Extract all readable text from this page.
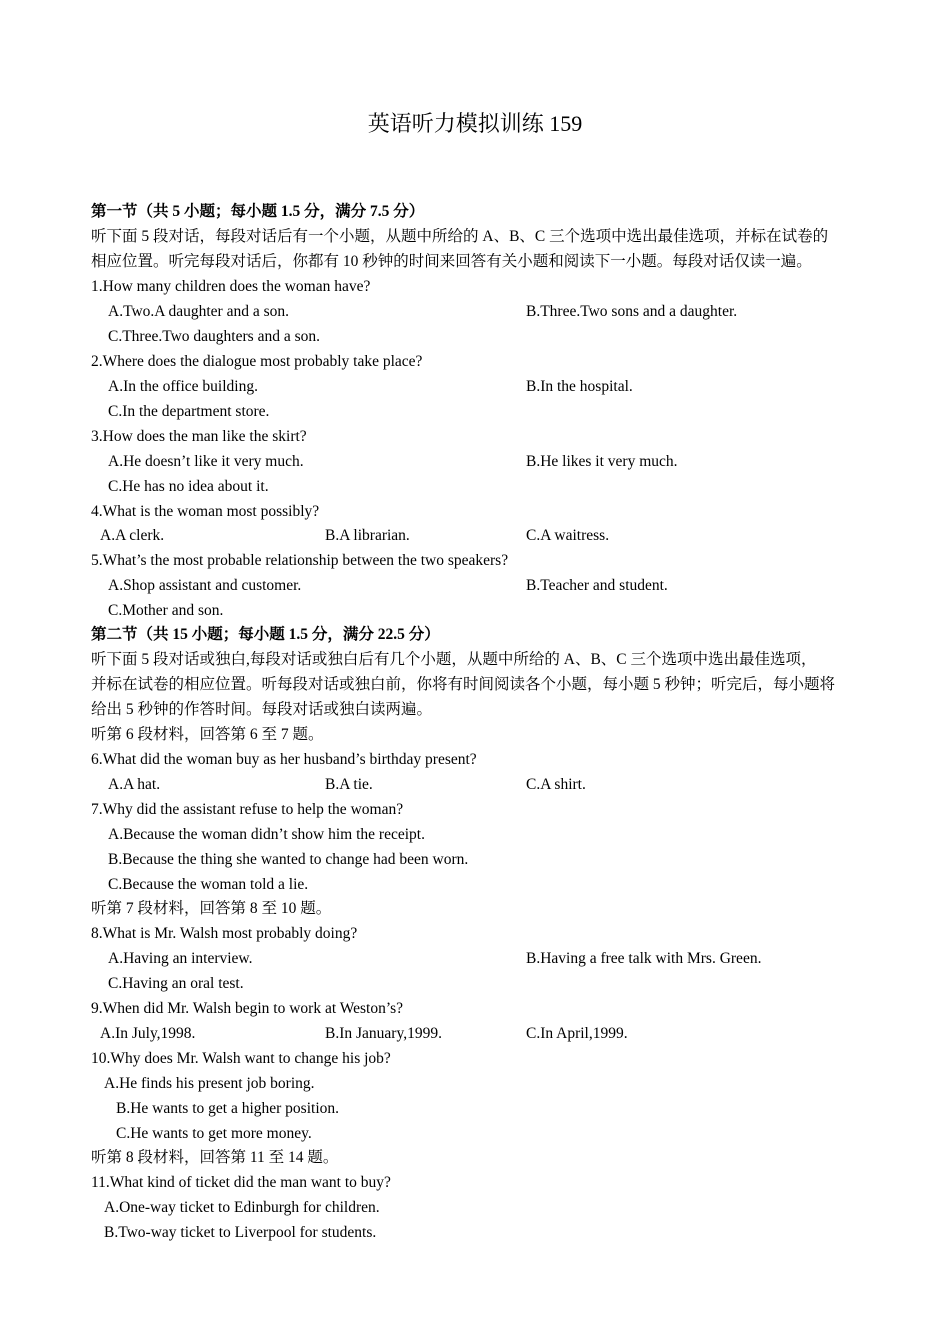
英语听力模拟训练 159
第一节（共 5 小题；每小题 1.5 分，满分 7.5 分）
听下面 5 段对话，每段对话后有一个小题，从题中所给的 A、B、C 三个选项中选出最佳选项，并标在试卷的
相应位置。听完每段对话后，你都有 10 秒钟的时间来回答有关小题和阅读下一小题。每段对话仅读一遍。
1.How many children does the woman have?
A.Two.A daughter and a son.	B.Three.Two sons and a daughter.
C.Three.Two daughters and a son.
2.Where does the dialogue most probably take place?
A.In the office building.	B.In the hospital.
C.In the department store.
3.How does the man like the skirt?
A.He doesn’t like it very much.	B.He likes it very much.
C.He has no idea about it.
4.What is the woman most possibly?
A.A clerk.	B.A librarian.	C.A waitress.
5.What’s the most probable relationship between the two speakers?
A.Shop assistant and customer.	B.Teacher and student.
C.Mother and son.
第二节（共 15 小题；每小题 1.5 分，满分 22.5 分）
听下面 5 段对话或独白,每段对话或独白后有几个小题，从题中所给的 A、B、C 三个选项中选出最佳选项，
并标在试卷的相应位置。听每段对话或独白前，你将有时间阅读各个小题，每小题 5 秒钟；听完后，每小题将
给出 5 秒钟的作答时间。每段对话或独白读两遍。
听第 6 段材料，回答第 6 至 7 题。
6.What did the woman buy as her husband’s birthday present?
A.A hat.	B.A tie.	C.A shirt.
7.Why did the assistant refuse to help the woman?
A.Because the woman didn’t show him the receipt.
B.Because the thing she wanted to change had been worn.
C.Because the woman told a lie.
听第 7 段材料，回答第 8 至 10 题。
8.What is Mr. Walsh most probably doing?
A.Having an interview.	B.Having a free talk with Mrs. Green.
C.Having an oral test.
9.When did Mr. Walsh begin to work at Weston’s?
A.In July,1998.	B.In January,1999.	C.In April,1999.
10.Why does Mr. Walsh want to change his job?
A.He finds his present job boring.
B.He wants to get a higher position.
C.He wants to get more money.
听第 8 段材料，回答第 11 至 14 题。
11.What kind of ticket did the man want to buy?
A.One-way ticket to Edinburgh for children.
B.Two-way ticket to Liverpool for students.
